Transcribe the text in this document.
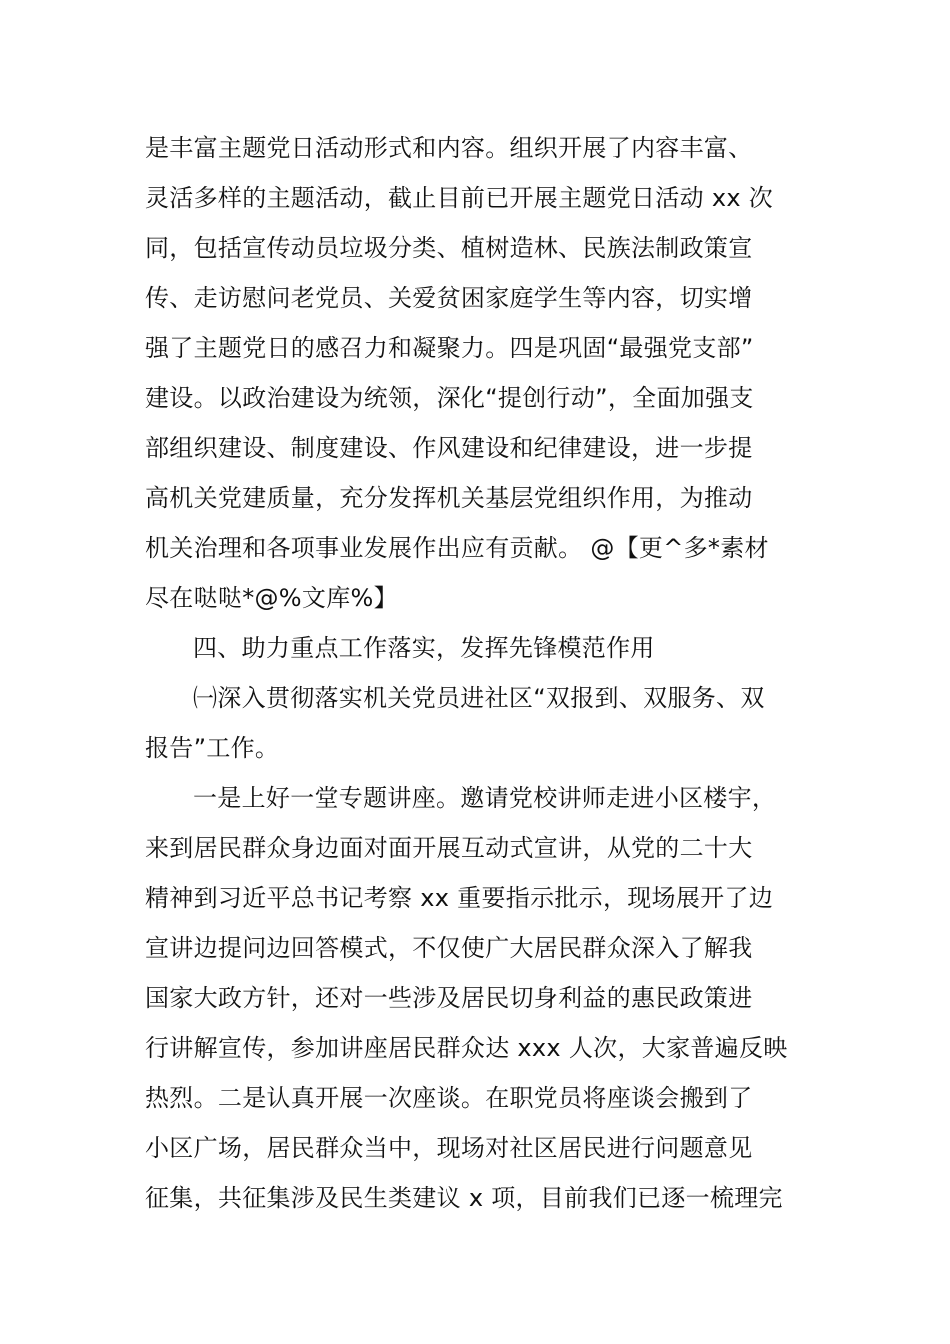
是丰富主题党日活动形式和内容。组织开展了内容丰富、
灵活多样的主题活动，截止目前已开展主题党日活动 xx 次
同，包括宣传动员垃圾分类、植树造林、民族法制政策宣
传、走访慰问老党员、关爱贫困家庭学生等内容，切实增
强了主题党日的感召力和凝聚力。四是巩固“最强党支部”
建设。以政治建设为统领，深化“提创行动”，全面加强支
部组织建设、制度建设、作风建设和纪律建设，进一步提
高机关党建质量，充分发挥机关基层党组织作用，为推动
机关治理和各项事业发展作出应有贡献。 @【更^多*素材
尽在哒哒*@%文库%】
四、助力重点工作落实，发挥先锋模范作用
㈠深入贯彻落实机关党员进社区“双报到、双服务、双
报告”工作。
一是上好一堂专题讲座。邀请党校讲师走进小区楼宇，
来到居民群众身边面对面开展互动式宣讲，从党的二十大
精神到习近平总书记考察 xx 重要指示批示，现场展开了边
宣讲边提问边回答模式，不仅使广大居民群众深入了解我
国家大政方针，还对一些涉及居民切身利益的惠民政策进
行讲解宣传，参加讲座居民群众达 xxx 人次，大家普遍反映
热烈。二是认真开展一次座谈。在职党员将座谈会搬到了
小区广场，居民群众当中，现场对社区居民进行问题意见
征集，共征集涉及民生类建议 x 项，目前我们已逐一梳理完
